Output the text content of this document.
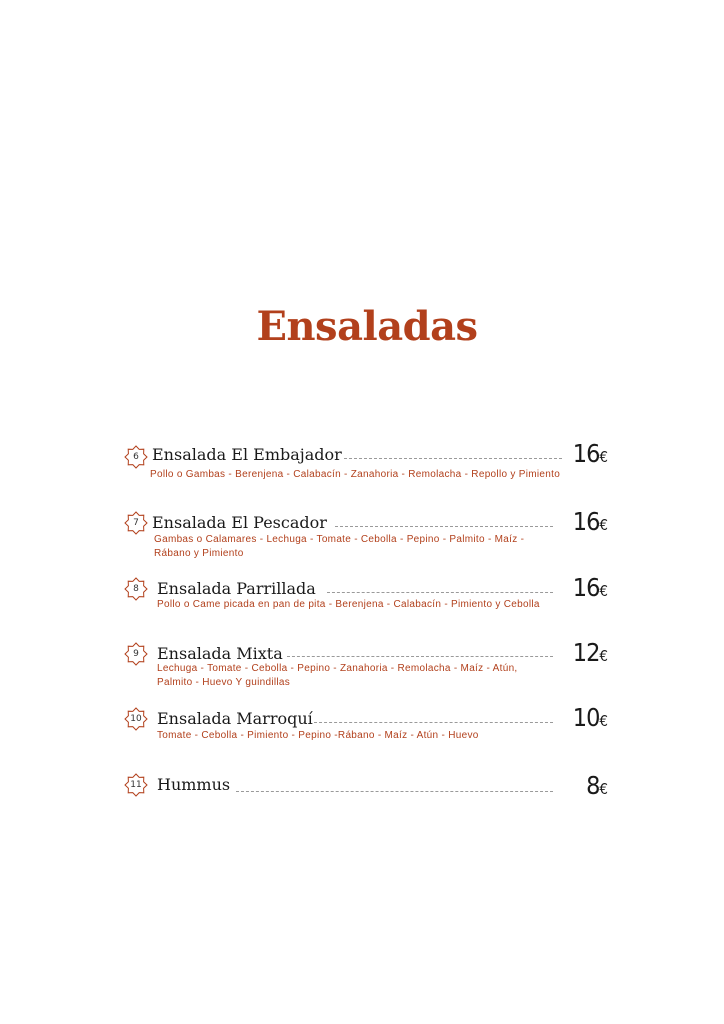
Ensaladas
6 Ensalada El Embajador	16€

Pollo o Gambas - Berenjena - Calabacín - Zanahoria - Remolacha - Repollo y Pimiento

7 Ensalada El Pescador	16€

Gambas o Calamares - Lechuga - Tomate - Cebolla - Pepino - Palmito - Maíz -
Rábano y Pimiento

8	Ensalada Parrillada	16€

Pollo o Came picada en pan de pita - Berenjena - Calabacín - Pimiento y Cebolla

9	Ensalada Mixta	12€

Lechuga - Tomate - Cebolla - Pepino - Zanahoria - Remolacha - Maíz - Atún,
Palmito - Huevo Y guindillas

10 Ensalada Marroquí	10€

Tomate - Cebolla - Pimiento - Pepino -Rábano - Maíz - Atún - Huevo

11 Hummus	8€
